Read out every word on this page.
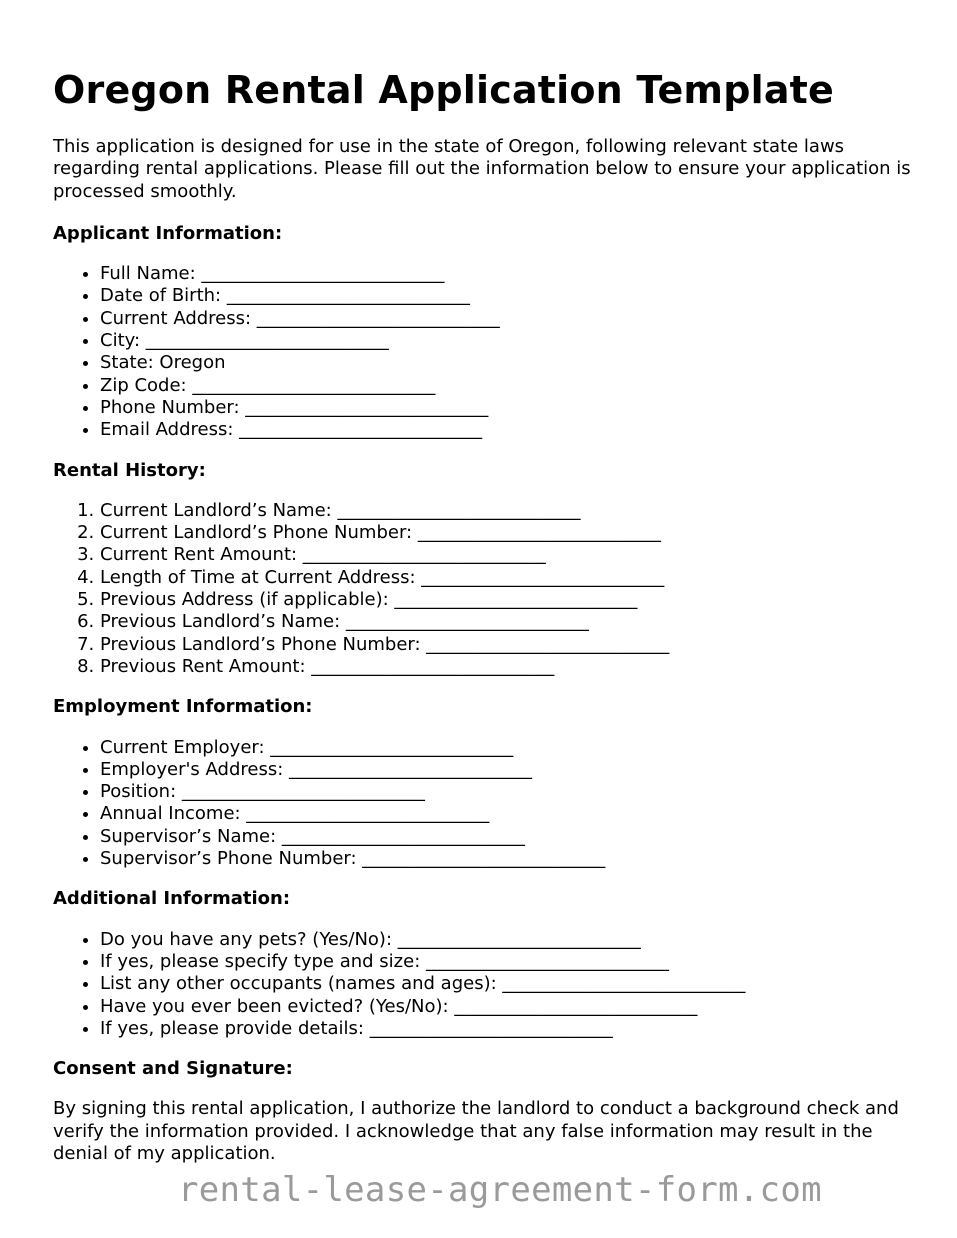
Oregon Rental Application Template

This application is designed for use in the state of Oregon, following relevant state laws regarding rental applications. Please fill out the information below to ensure your application is processed smoothly.

Applicant Information:
• Full Name: ___________________________
• Date of Birth: ___________________________
• Current Address: ___________________________
• City: ___________________________
• State: Oregon
• Zip Code: ___________________________
• Phone Number: ___________________________
• Email Address: ___________________________
Rental History:
1. Current Landlord’s Name: ___________________________
2. Current Landlord’s Phone Number: ___________________________
3. Current Rent Amount: ___________________________
4. Length of Time at Current Address: ___________________________
5. Previous Address (if applicable): ___________________________
6. Previous Landlord’s Name: ___________________________
7. Previous Landlord’s Phone Number: ___________________________
8. Previous Rent Amount: ___________________________
Employment Information:
• Current Employer: ___________________________
• Employer's Address: ___________________________
• Position: ___________________________
• Annual Income: ___________________________
• Supervisor’s Name: ___________________________
• Supervisor’s Phone Number: ___________________________
Additional Information:
• Do you have any pets? (Yes/No): ___________________________
• If yes, please specify type and size: ___________________________
• List any other occupants (names and ages): ___________________________
• Have you ever been evicted? (Yes/No): ___________________________
• If yes, please provide details: ___________________________
Consent and Signature:

By signing this rental application, I authorize the landlord to conduct a background check and verify the information provided. I acknowledge that any false information may result in the denial of my application.

rental-lease-agreement-form.com
